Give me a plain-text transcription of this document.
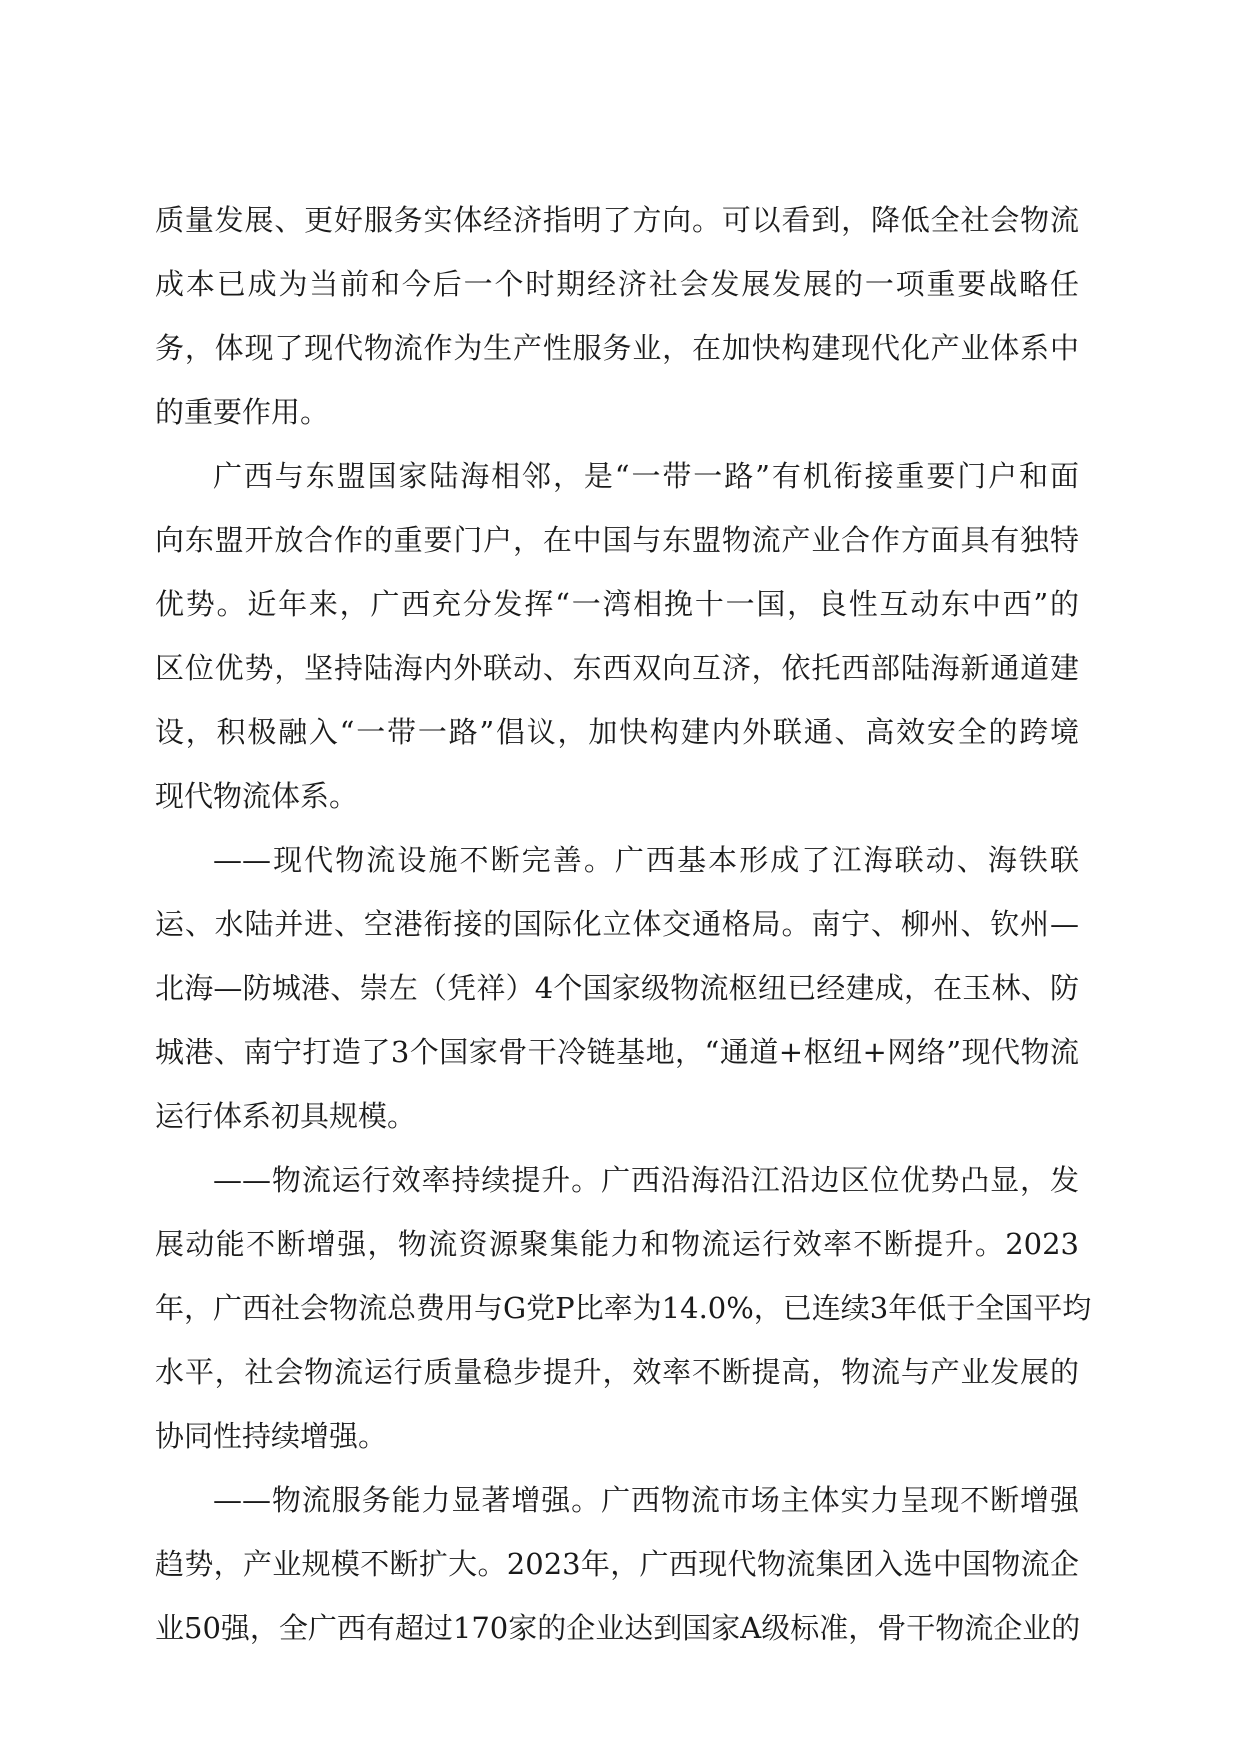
质量发展、更好服务实体经济指明了方向。可以看到，降低全社会物流
成本已成为当前和今后一个时期经济社会发展发展的一项重要战略任
务，体现了现代物流作为生产性服务业，在加快构建现代化产业体系中
的重要作用。
广西与东盟国家陆海相邻，是“一带一路”有机衔接重要门户和面
向东盟开放合作的重要门户，在中国与东盟物流产业合作方面具有独特
优势。近年来，广西充分发挥“一湾相挽十一国，良性互动东中西”的
区位优势，坚持陆海内外联动、东西双向互济，依托西部陆海新通道建
设，积极融入“一带一路”倡议，加快构建内外联通、高效安全的跨境
现代物流体系。
——现代物流设施不断完善。广西基本形成了江海联动、海铁联
运、水陆并进、空港衔接的国际化立体交通格局。南宁、柳州、钦州—
北海—防城港、崇左（凭祥）4个国家级物流枢纽已经建成，在玉林、防
城港、南宁打造了3个国家骨干冷链基地，“通道+枢纽+网络”现代物流
运行体系初具规模。
——物流运行效率持续提升。广西沿海沿江沿边区位优势凸显，发
展动能不断增强，物流资源聚集能力和物流运行效率不断提升。2023
年，广西社会物流总费用与G党P比率为14.0%，已连续3年低于全国平均
水平，社会物流运行质量稳步提升，效率不断提高，物流与产业发展的
协同性持续增强。
——物流服务能力显著增强。广西物流市场主体实力呈现不断增强
趋势，产业规模不断扩大。2023年，广西现代物流集团入选中国物流企
业50强，全广西有超过170家的企业达到国家A级标准，骨干物流企业的
